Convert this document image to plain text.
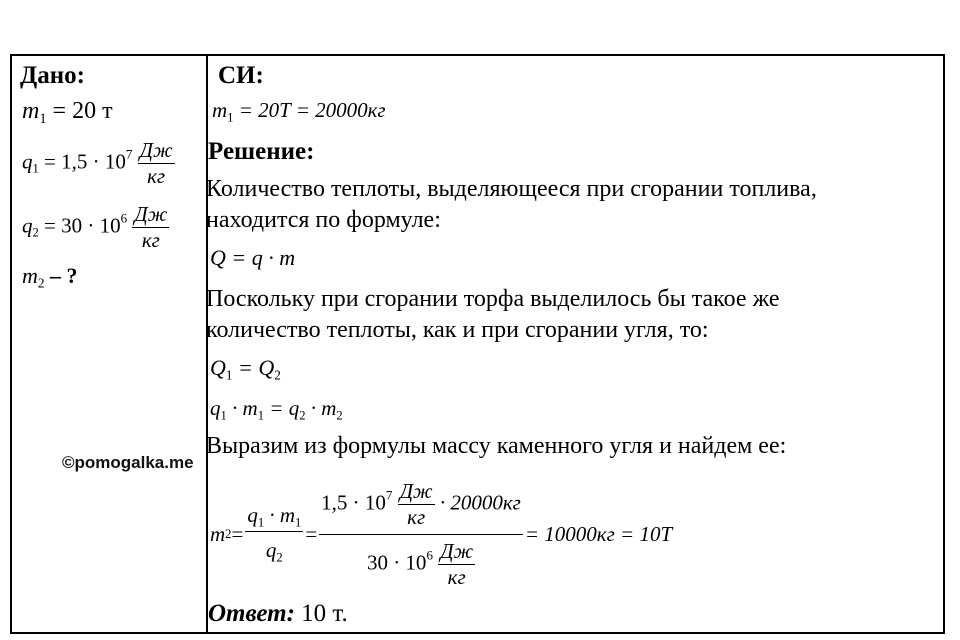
Дано:
$m_1 = 20$ т
$q_1 = 1,5 \cdot 10^7 \frac{Дж}{кг}$
$q_2 = 30 \cdot 10^6 \frac{Дж}{кг}$
$m_2$ – ?
СИ:
$m_1 = 20T = 20000кг$
Решение:
Количество теплоты, выделяющееся при сгорании топлива,
находится по формуле:
Q = q · m
Поскольку при сгорании торфа выделилось бы такое же
количество теплоты, как и при сгорании угля, то:
$Q_1 = Q_2$
$q_1 \cdot m_1 = q_2 \cdot m_2$
Выразим из формулы массу каменного угля и найдем ее:
m $2 = \frac{q_1 \cdot m_1}{q_2} = \frac{1,5 \cdot 10^7 \frac{Дж}{кг} \cdot 20000кг}{30 \cdot 10^6 \frac{Дж}{кг}} = 10000кг = 10T$
Ответ: 10 т.
©pomogalka.me
